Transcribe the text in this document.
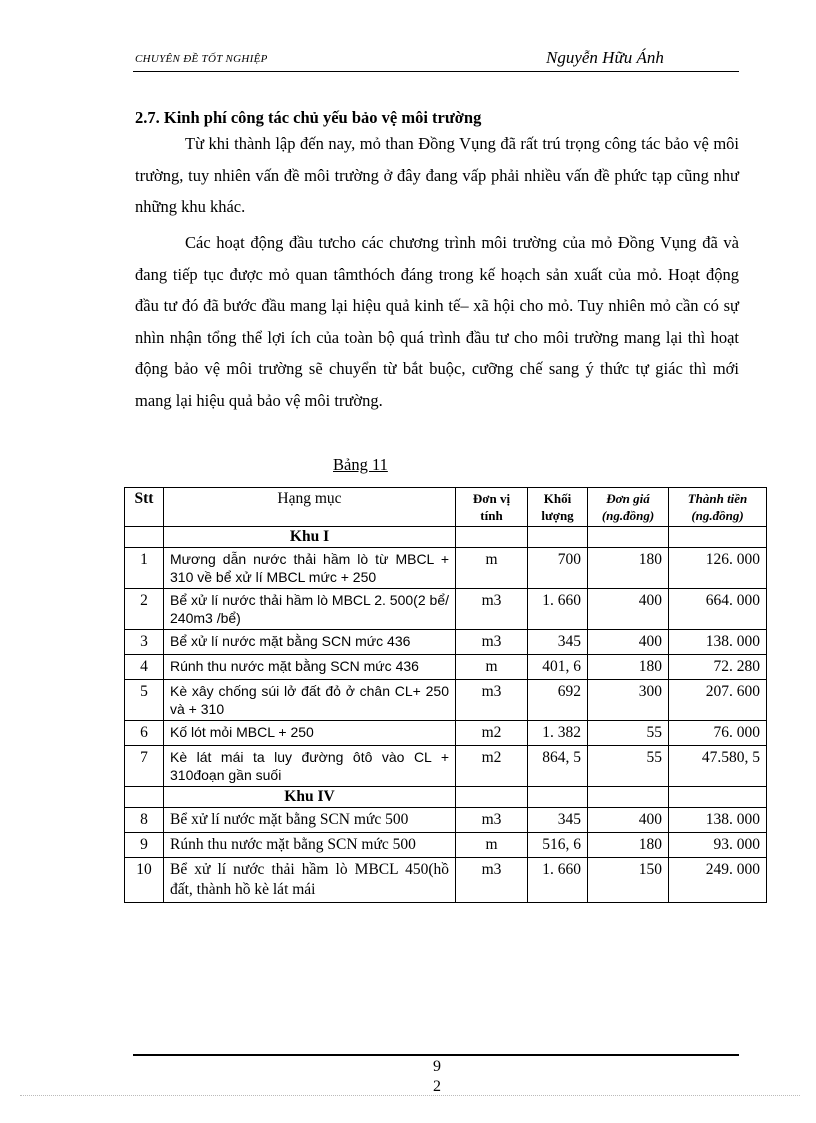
CHUYÊN ĐỀ TỐT NGHIỆP	Nguyễn Hữu Ánh
2.7. Kinh phí công tác chủ yếu bảo vệ môi trường
Từ khi thành lập đến nay, mỏ than Đồng Vụng đã rất trú trọng công tác bảo vệ môi trường, tuy nhiên vấn đề môi trường ở đây đang vấp phải nhiều vấn đề phức tạp cũng như những khu khác.
Các hoạt động đầu tưcho các chương trình môi trường của mỏ Đồng Vụng đã và đang tiếp tục được mỏ quan tâmthóch đáng trong kế hoạch sản xuất của mỏ. Hoạt động đầu tư đó đã bước đầu mang lại hiệu quả kinh tế– xã hội cho mỏ. Tuy nhiên mỏ cần có sự nhìn nhận tổng thể lợi ích của toàn bộ quá trình đầu tư cho môi trường mang lại thì hoạt động bảo vệ môi trường sẽ chuyển từ bắt buộc, cưỡng chế sang ý thức tự giác thì mới mang lại hiệu quả bảo vệ môi trường.
Bảng 11
Stt	Hạng mục	Đơn vị tính	Khối lượng	Đơn giá (ng.đồng)	Thành tiền (ng.đồng)
	Khu I				
1	Mương dẫn nước thải hầm lò từ MBCL + 310 về bể xử lí MBCL mức + 250	m	700	180	126. 000
2	Bể xử lí nước thải hầm lò MBCL 2. 500(2 bể/ 240m3 /bể)	m3	1. 660	400	664. 000
3	Bể xử lí nước mặt bằng SCN mức 436	m3	345	400	138. 000
4	Rúnh thu nước mặt bằng SCN mức 436	m	401, 6	180	72. 280
5	Kè xây chống súi lở đất đỏ ở chân CL+ 250 và + 310	m3	692	300	207. 600
6	Kố lót mỏi MBCL + 250	m2	1. 382	55	76. 000
7	Kè lát mái ta luy đường ôtô vào CL + 310đoạn gần suối	m2	864, 5	55	47.580, 5
	Khu IV				
8	Bể xử lí nước mặt bằng SCN mức 500	m3	345	400	138. 000
9	Rúnh thu nước mặt bằng SCN mức 500	m	516, 6	180	93. 000
10	Bể xử lí nước thải hầm lò MBCL 450(hồ đất, thành hồ kè lát mái	m3	1. 660	150	249. 000
9
2
